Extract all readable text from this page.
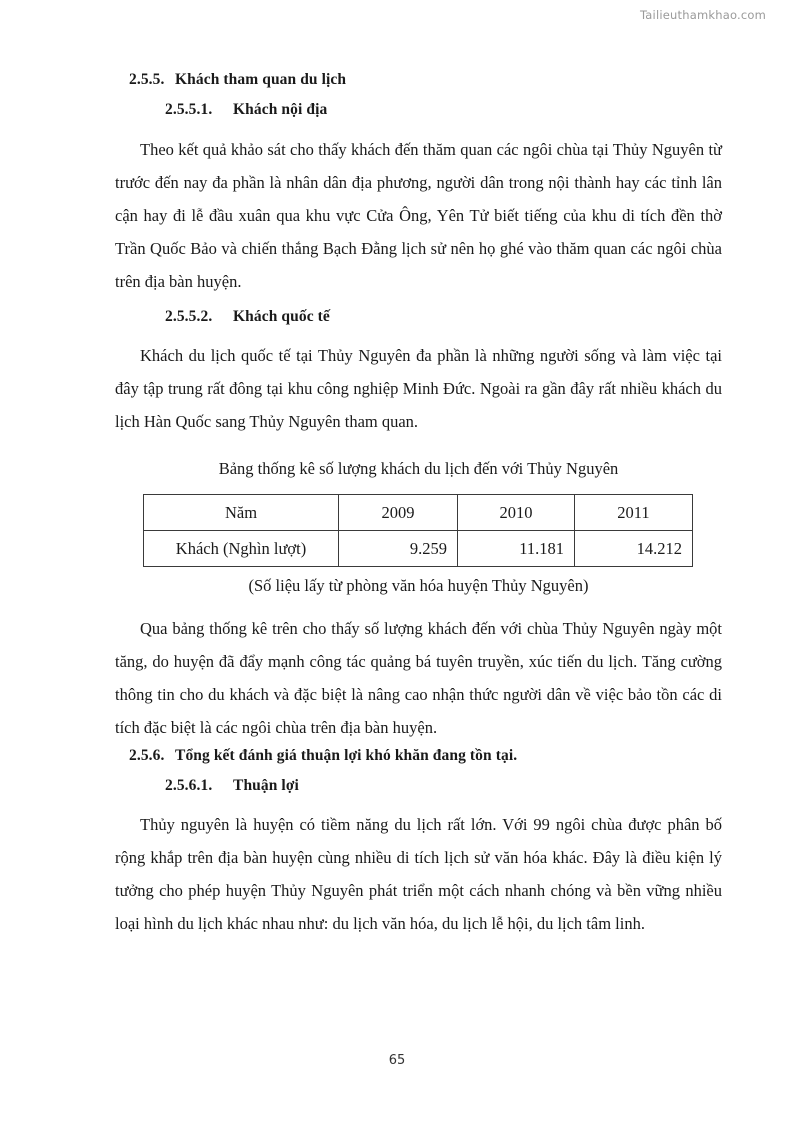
Tailieuthamkhao.com
2.5.5. Khách tham quan du lịch
2.5.5.1. Khách nội địa

Theo kết quả khảo sát cho thấy khách đến thăm quan các ngôi chùa tại Thủy Nguyên từ trước đến nay đa phần là nhân dân địa phương, người dân trong nội thành hay các tỉnh lân cận hay đi lễ đầu xuân qua khu vực Cửa Ông, Yên Tử biết tiếng của khu di tích đền thờ Trần Quốc Bảo và chiến thắng Bạch Đằng lịch sử nên họ ghé vào thăm quan các ngôi chùa trên địa bàn huyện.

2.5.5.2. Khách quốc tế

Khách du lịch quốc tế tại Thủy Nguyên đa phần là những người sống và làm việc tại đây tập trung rất đông tại khu công nghiệp Minh Đức. Ngoài ra gần đây rất nhiều khách du lịch Hàn Quốc sang Thủy Nguyên tham quan.

Bảng thống kê số lượng khách du lịch đến với Thủy Nguyên

Năm	2009	2010	2011
Khách (Nghìn lượt)	9.259	11.181	14.212

(Số liệu lấy từ phòng văn hóa huyện Thủy Nguyên)

Qua bảng thống kê trên cho thấy số lượng khách đến với chùa Thủy Nguyên ngày một tăng, do huyện đã đẩy mạnh công tác quảng bá tuyên truyền, xúc tiến du lịch. Tăng cường thông tin cho du khách và đặc biệt là nâng cao nhận thức người dân về việc bảo tồn các di tích đặc biệt là các ngôi chùa trên địa bàn huyện.

2.5.6. Tổng kết đánh giá thuận lợi khó khăn đang tồn tại.
2.5.6.1. Thuận lợi

Thủy nguyên là huyện có tiềm năng du lịch rất lớn. Với 99 ngôi chùa được phân bố rộng khắp trên địa bàn huyện cùng nhiều di tích lịch sử văn hóa khác. Đây là điều kiện lý tưởng cho phép huyện Thủy Nguyên phát triển một cách nhanh chóng và bền vững nhiều loại hình du lịch khác nhau như: du lịch văn hóa, du lịch lễ hội, du lịch tâm linh.

65
